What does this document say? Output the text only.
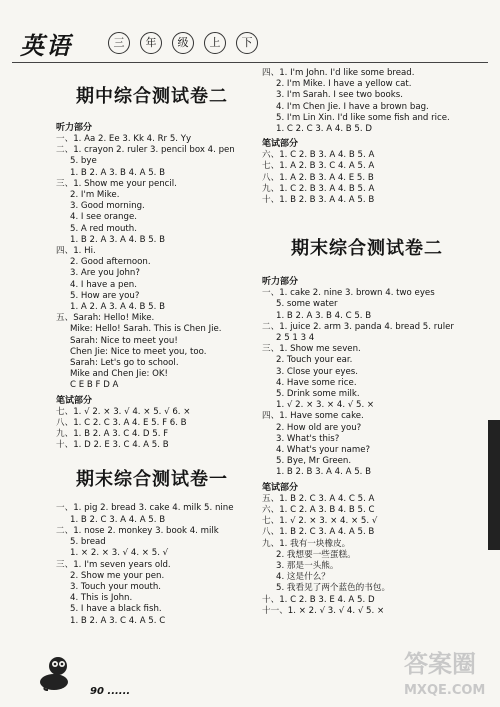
英语	三	年	级	上	下
期中综合测试卷二
听力部分
一、1. Aa 2. Ee 3. Kk 4. Rr 5. Yy
二、1. crayon 2. ruler 3. pencil box 4. pen
5. bye
1. B 2. A 3. B 4. A 5. B
三、1. Show me your pencil.
2. I'm Mike.
3. Good morning.
4. I see orange.
5. A red mouth.
1. B 2. A 3. A 4. B 5. B
四、1. Hi.
2. Good afternoon.
3. Are you John?
4. I have a pen.
5. How are you?
1. A 2. A 3. A 4. B 5. B
五、Sarah: Hello! Mike.
Mike: Hello! Sarah. This is Chen Jie.
Sarah: Nice to meet you!
Chen Jie: Nice to meet you, too.
Sarah: Let's go to school.
Mike and Chen Jie: OK!
C E B F D A
笔试部分
七、1. √ 2. × 3. √ 4. × 5. √ 6. ×
八、1. C 2. C 3. A 4. E 5. F 6. B
九、1. B 2. A 3. C 4. D 5. F
十、1. D 2. E 3. C 4. A 5. B
期末综合测试卷一
一、1. pig 2. bread 3. cake 4. milk 5. nine
1. B 2. C 3. A 4. A 5. B
二、1. nose 2. monkey 3. book 4. milk
5. bread
1. × 2. × 3. √ 4. × 5. √
三、1. I'm seven years old.
2. Show me your pen.
3. Touch your mouth.
4. This is John.
5. I have a black fish.
1. B 2. A 3. C 4. A 5. C
四、1. I'm John. I'd like some bread.
2. I'm Mike. I have a yellow cat.
3. I'm Sarah. I see two books.
4. I'm Chen Jie. I have a brown bag.
5. I'm Lin Xin. I'd like some fish and rice.
1. C 2. C 3. A 4. B 5. D
笔试部分
六、1. C 2. B 3. A 4. B 5. A
七、1. A 2. B 3. C 4. A 5. A
八、1. A 2. B 3. A 4. E 5. B
九、1. C 2. B 3. A 4. B 5. A
十、1. B 2. B 3. A 4. A 5. B
期末综合测试卷二
听力部分
一、1. cake 2. nine 3. brown 4. two eyes
5. some water
1. B 2. A 3. B 4. C 5. B
二、1. juice 2. arm 3. panda 4. bread 5. ruler
2 5 1 3 4
三、1. Show me seven.
2. Touch your ear.
3. Close your eyes.
4. Have some rice.
5. Drink some milk.
1. √ 2. × 3. × 4. √ 5. ×
四、1. Have some cake.
2. How old are you?
3. What's this?
4. What's your name?
5. Bye, Mr Green.
1. B 2. B 3. A 4. A 5. B
笔试部分
五、1. B 2. C 3. A 4. C 5. A
六、1. C 2. A 3. B 4. B 5. C
七、1. √ 2. × 3. × 4. × 5. √
八、1. B 2. C 3. A 4. A 5. B
九、1. 我有一块橡皮。
2. 我想要一些蛋糕。
3. 那是一头熊。
4. 这是什么？
5. 我看见了两个蓝色的书包。
十、1. C 2. B 3. E 4. A 5. D
十一、1. × 2. √ 3. √ 4. √ 5. ×
90 ......
答案圈
MXQE.COM
